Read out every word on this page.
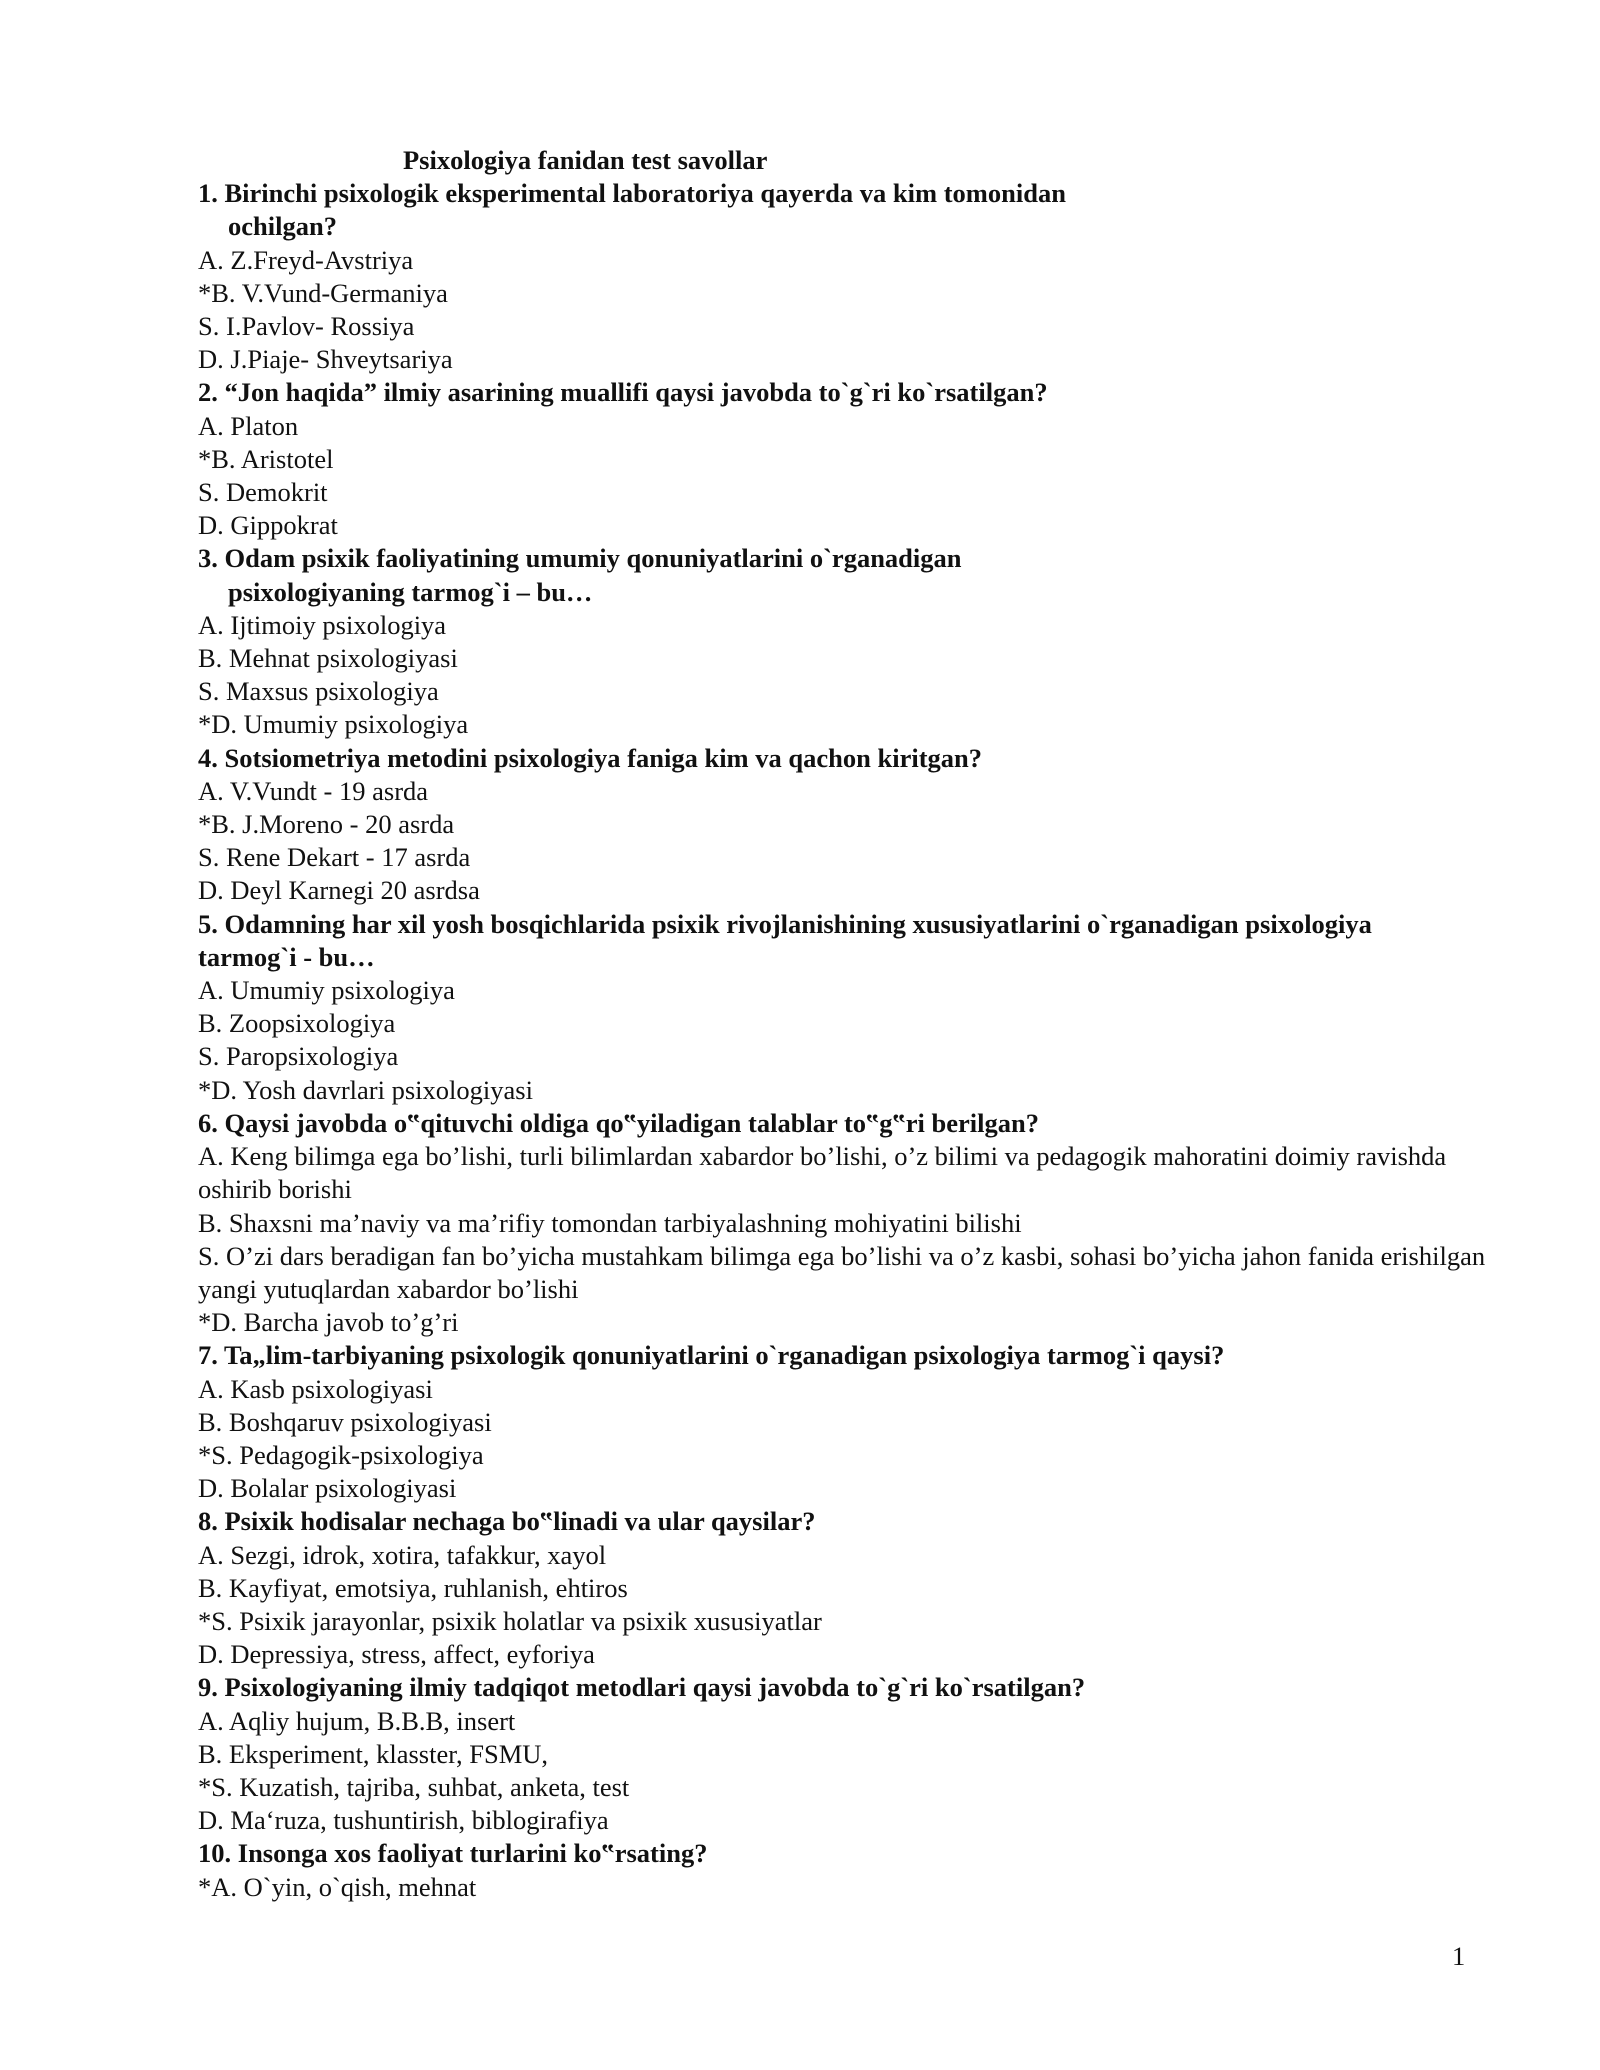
Psixologiya fanidan test savollar
1. Birinchi psixologik eksperimental laboratoriya qayerda va kim tomonidan
ochilgan?
A. Z.Freyd-Avstriya
*B. V.Vund-Germaniya
S. I.Pavlov- Rossiya
D. J.Piaje- Shveytsariya
2. “Jon haqida” ilmiy asarining muallifi qaysi javobda to`g`ri ko`rsatilgan?
A. Platon
*B. Aristotel
S. Demokrit
D. Gippokrat
3. Odam psixik faoliyatining umumiy qonuniyatlarini o`rganadigan
psixologiyaning tarmog`i – bu…
A. Ijtimoiy psixologiya
B. Mehnat psixologiyasi
S. Maxsus psixologiya
*D. Umumiy psixologiya
4. Sotsiometriya metodini psixologiya faniga kim va qachon kiritgan?
A. V.Vundt - 19 asrda
*B. J.Moreno - 20 asrda
S. Rene Dekart - 17 asrda
D. Deyl Karnegi 20 asrdsa
5. Odamning har xil yosh bosqichlarida psixik rivojlanishining xususiyatlarini o`rganadigan psixologiya
tarmog`i - bu…
A. Umumiy psixologiya
B. Zoopsixologiya
S. Paropsixologiya
*D. Yosh davrlari psixologiyasi
6. Qaysi javobda o‟qituvchi oldiga qo‟yiladigan talablar to‟g‟ri berilgan?
A. Keng bilimga ega bo’lishi, turli bilimlardan xabardor bo’lishi, o’z bilimi va pedagogik mahoratini doimiy ravishda oshirib borishi
B. Shaxsni ma’naviy va ma’rifiy tomondan tarbiyalashning mohiyatini bilishi
S. O’zi dars beradigan fan bo’yicha mustahkam bilimga ega bo’lishi va o’z kasbi, sohasi bo’yicha jahon fanida erishilgan yangi yutuqlardan xabardor bo’lishi
*D. Barcha javob to’g’ri
7. Ta„lim-tarbiyaning psixologik qonuniyatlarini o`rganadigan psixologiya tarmog`i qaysi?
A. Kasb psixologiyasi
B. Boshqaruv psixologiyasi
*S. Pedagogik-psixologiya
D. Bolalar psixologiyasi
8. Psixik hodisalar nechaga bo‟linadi va ular qaysilar?
A. Sezgi, idrok, xotira, tafakkur, xayol
B. Kayfiyat, emotsiya, ruhlanish, ehtiros
*S. Psixik jarayonlar, psixik holatlar va psixik xususiyatlar
D. Depressiya, stress, affect, eyforiya
9. Psixologiyaning ilmiy tadqiqot metodlari qaysi javobda to`g`ri ko`rsatilgan?
A. Aqliy hujum, B.B.B, insert
B. Eksperiment, klasster, FSMU,
*S. Kuzatish, tajriba, suhbat, anketa, test
D. Ma‘ruza, tushuntirish, biblogirafiya
10. Insonga xos faoliyat turlarini ko‟rsating?
*A. O`yin, o`qish, mehnat
1
